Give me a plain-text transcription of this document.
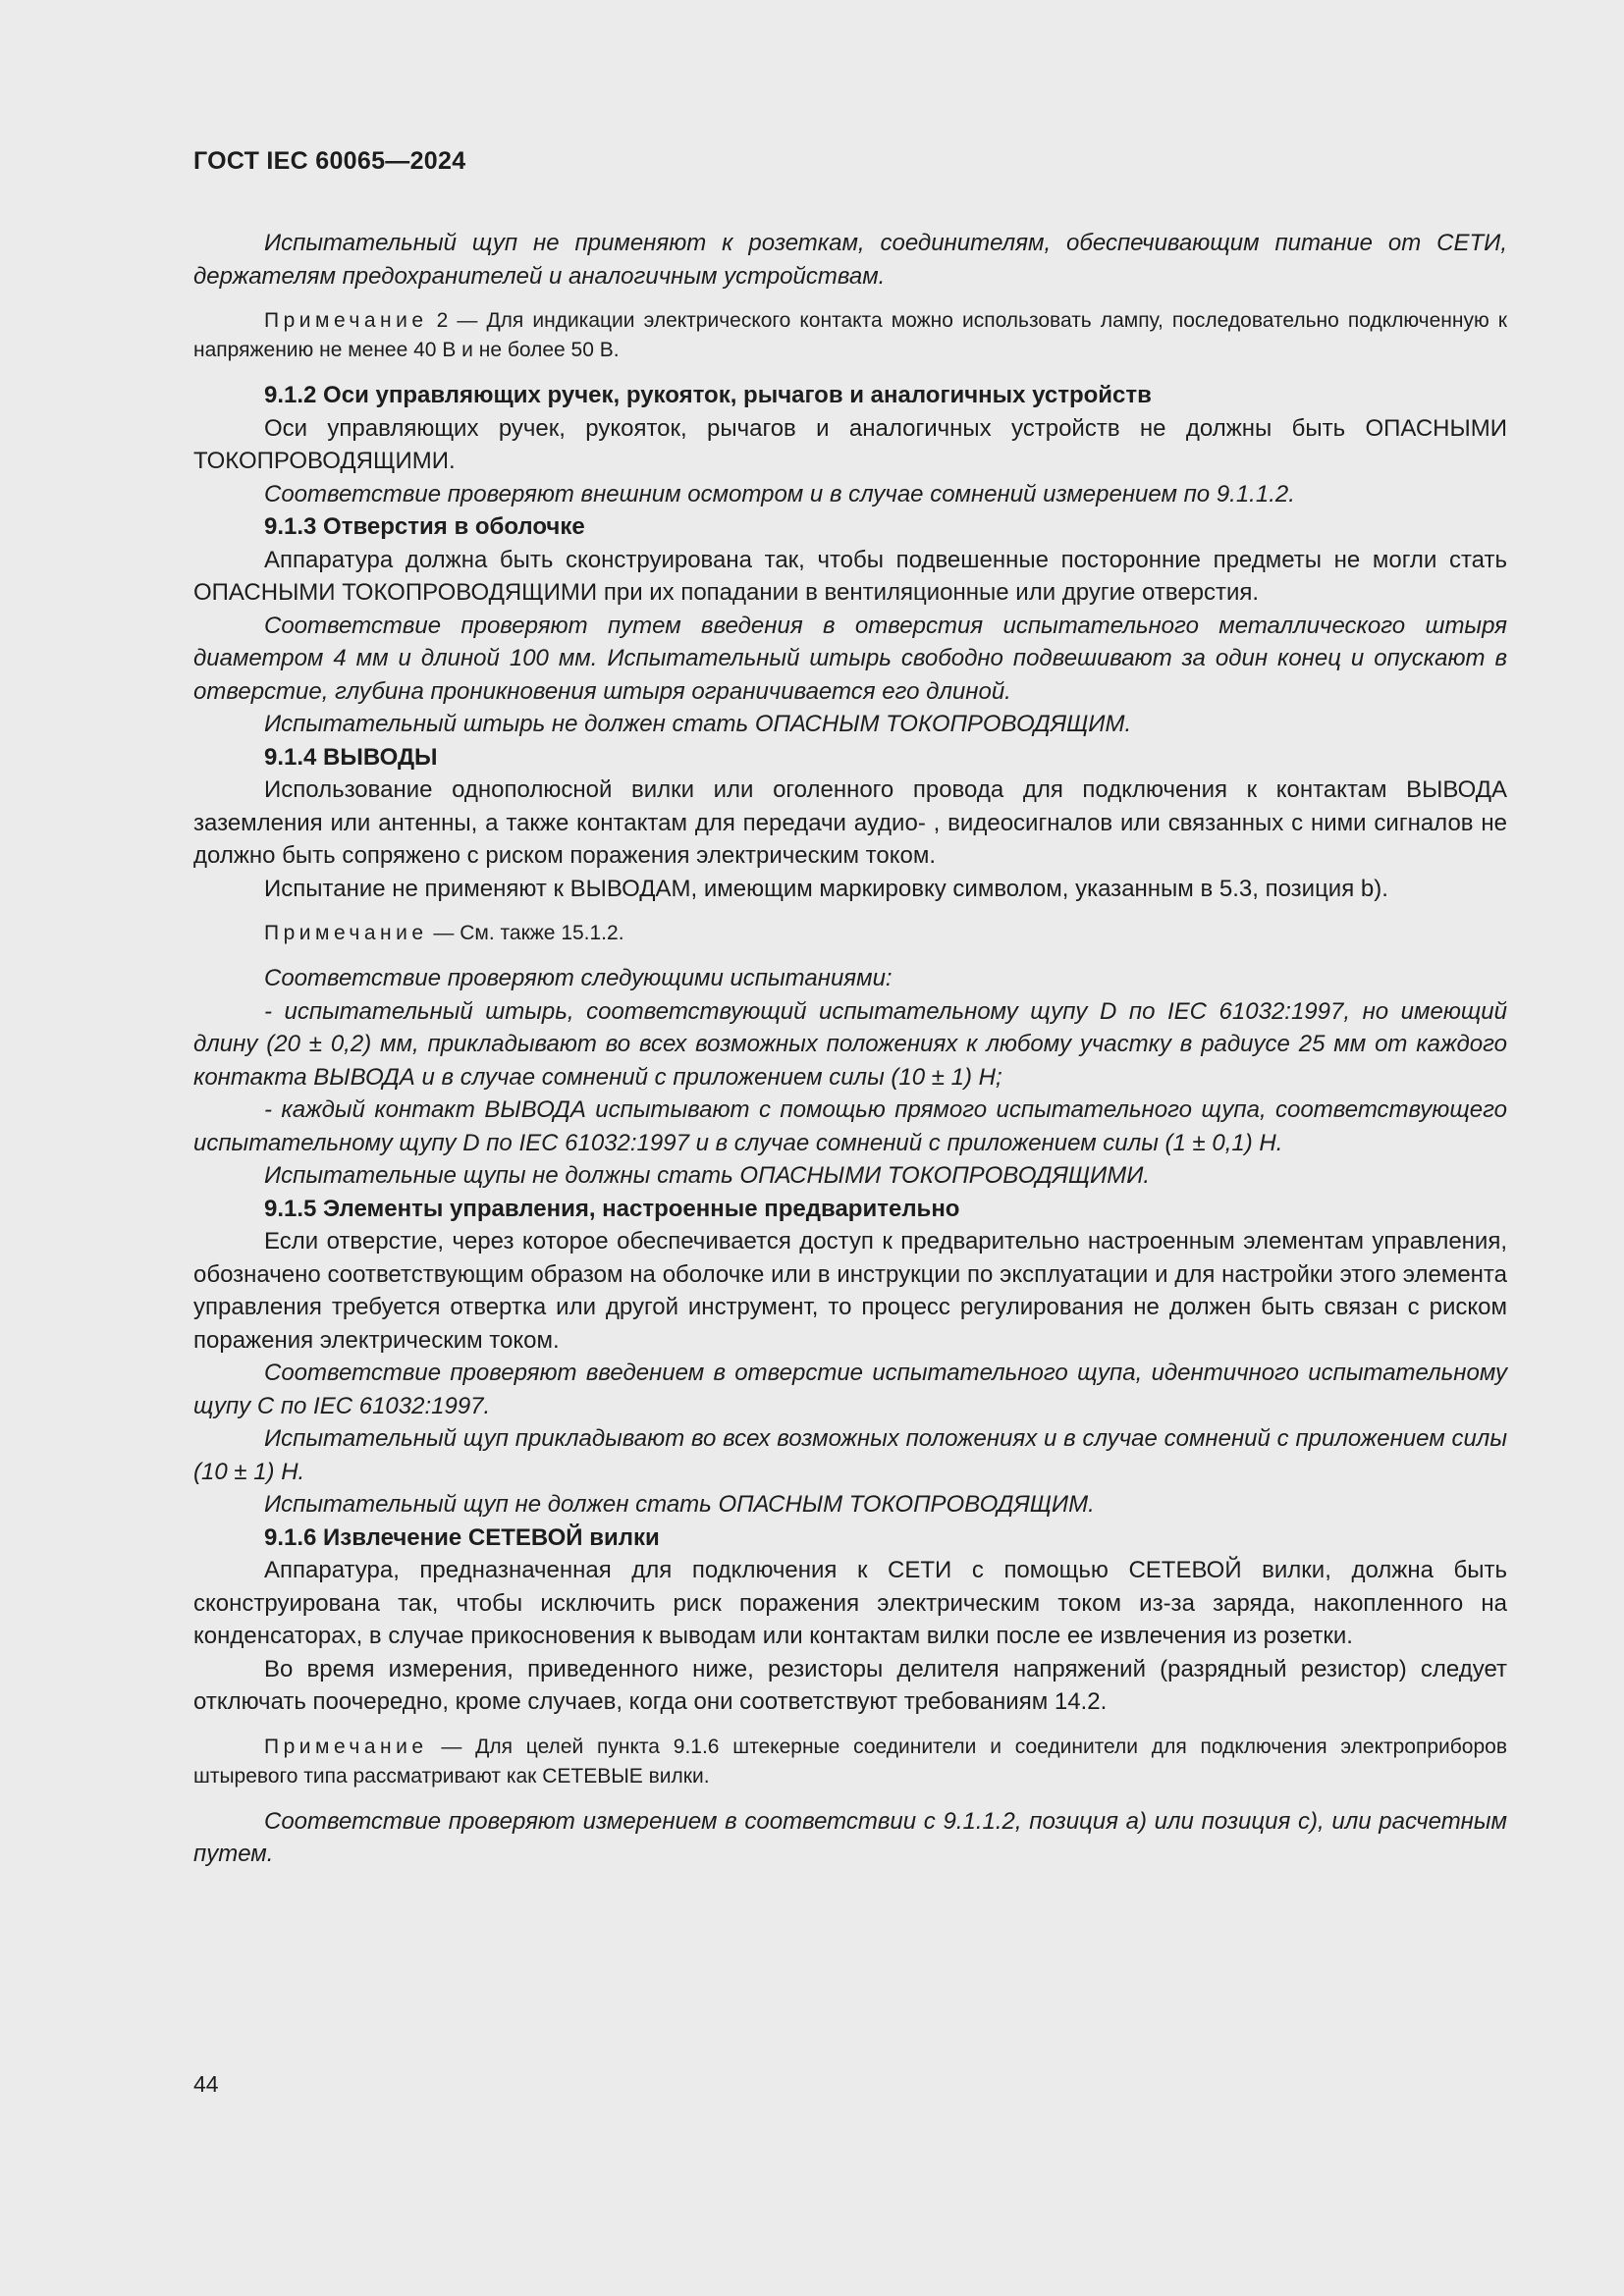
ГОСТ IEC 60065—2024

Испытательный щуп не применяют к розеткам, соединителям, обеспечивающим питание от СЕТИ, держателям предохранителей и аналогичным устройствам.

Примечание 2 — Для индикации электрического контакта можно использовать лампу, последовательно подключенную к напряжению не менее 40 В и не более 50 В.

9.1.2 Оси управляющих ручек, рукояток, рычагов и аналогичных устройств

Оси управляющих ручек, рукояток, рычагов и аналогичных устройств не должны быть ОПАСНЫМИ ТОКОПРОВОДЯЩИМИ.

Соответствие проверяют внешним осмотром и в случае сомнений измерением по 9.1.1.2.

9.1.3 Отверстия в оболочке

Аппаратура должна быть сконструирована так, чтобы подвешенные посторонние предметы не могли стать ОПАСНЫМИ ТОКОПРОВОДЯЩИМИ при их попадании в вентиляционные или другие отверстия.

Соответствие проверяют путем введения в отверстия испытательного металлического штыря диаметром 4 мм и длиной 100 мм. Испытательный штырь свободно подвешивают за один конец и опускают в отверстие, глубина проникновения штыря ограничивается его длиной.

Испытательный штырь не должен стать ОПАСНЫМ ТОКОПРОВОДЯЩИМ.

9.1.4 ВЫВОДЫ

Использование однополюсной вилки или оголенного провода для подключения к контактам ВЫВОДА заземления или антенны, а также контактам для передачи аудио- , видеосигналов или связанных с ними сигналов не должно быть сопряжено с риском поражения электрическим током.

Испытание не применяют к ВЫВОДАМ, имеющим маркировку символом, указанным в 5.3, позиция b).

Примечание — См. также 15.1.2.

Соответствие проверяют следующими испытаниями:

- испытательный штырь, соответствующий испытательному щупу D по IEC 61032:1997, но имеющий длину (20 ± 0,2) мм, прикладывают во всех возможных положениях к любому участку в радиусе 25 мм от каждого контакта ВЫВОДА и в случае сомнений с приложением силы (10 ± 1) Н;

- каждый контакт ВЫВОДА испытывают с помощью прямого испытательного щупа, соответствующего испытательному щупу D по IEC 61032:1997 и в случае сомнений с приложением силы (1 ± 0,1) Н.

Испытательные щупы не должны стать ОПАСНЫМИ ТОКОПРОВОДЯЩИМИ.

9.1.5 Элементы управления, настроенные предварительно

Если отверстие, через которое обеспечивается доступ к предварительно настроенным элементам управления, обозначено соответствующим образом на оболочке или в инструкции по эксплуатации и для настройки этого элемента управления требуется отвертка или другой инструмент, то процесс регулирования не должен быть связан с риском поражения электрическим током.

Соответствие проверяют введением в отверстие испытательного щупа, идентичного испытательному щупу С по IEC 61032:1997.

Испытательный щуп прикладывают во всех возможных положениях и в случае сомнений с приложением силы (10 ± 1) Н.

Испытательный щуп не должен стать ОПАСНЫМ ТОКОПРОВОДЯЩИМ.

9.1.6 Извлечение СЕТЕВОЙ вилки

Аппаратура, предназначенная для подключения к СЕТИ с помощью СЕТЕВОЙ вилки, должна быть сконструирована так, чтобы исключить риск поражения электрическим током из-за заряда, накопленного на конденсаторах, в случае прикосновения к выводам или контактам вилки после ее извлечения из розетки.

Во время измерения, приведенного ниже, резисторы делителя напряжений (разрядный резистор) следует отключать поочередно, кроме случаев, когда они соответствуют требованиям 14.2.

Примечание — Для целей пункта 9.1.6 штекерные соединители и соединители для подключения электроприборов штыревого типа рассматривают как СЕТЕВЫЕ вилки.

Соответствие проверяют измерением в соответствии с 9.1.1.2, позиция а) или позиция с), или расчетным путем.

44
